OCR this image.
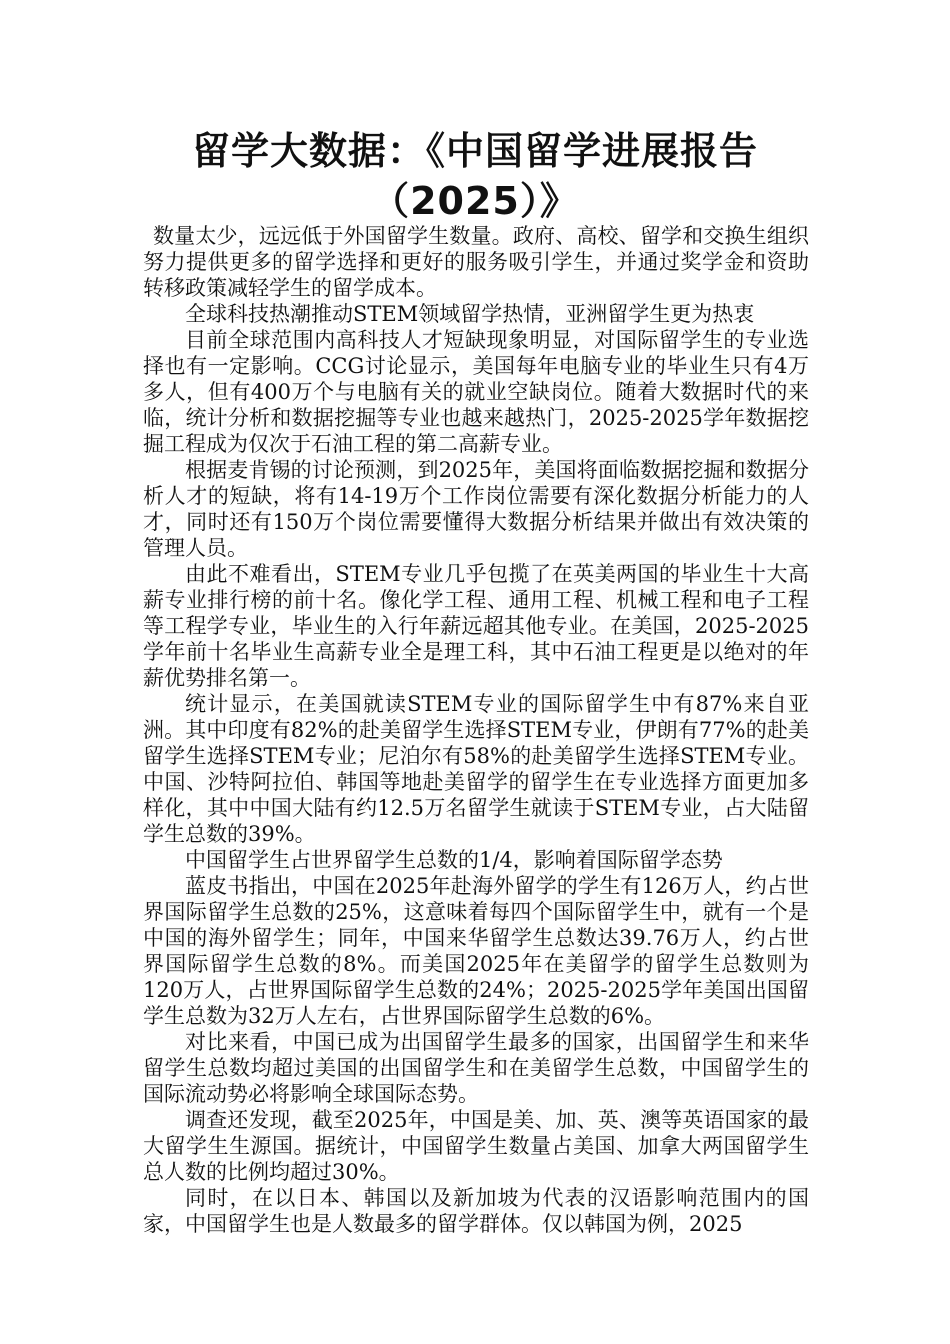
留学大数据：《中国留学进展报告
（2025）》

数量太少，远远低于外国留学生数量。政府、高校、留学和交换生组织努力提供更多的留学选择和更好的服务吸引学生，并通过奖学金和资助转移政策减轻学生的留学成本。

全球科技热潮推动STEM领域留学热情，亚洲留学生更为热衷

目前全球范围内高科技人才短缺现象明显，对国际留学生的专业选择也有一定影响。CCG讨论显示，美国每年电脑专业的毕业生只有4万多人，但有400万个与电脑有关的就业空缺岗位。随着大数据时代的来临，统计分析和数据挖掘等专业也越来越热门，2025-2025学年数据挖掘工程成为仅次于石油工程的第二高薪专业。

根据麦肯锡的讨论预测，到2025年，美国将面临数据挖掘和数据分析人才的短缺，将有14-19万个工作岗位需要有深化数据分析能力的人才，同时还有150万个岗位需要懂得大数据分析结果并做出有效决策的管理人员。

由此不难看出，STEM专业几乎包揽了在英美两国的毕业生十大高薪专业排行榜的前十名。像化学工程、通用工程、机械工程和电子工程等工程学专业，毕业生的入行年薪远超其他专业。在美国，2025-2025学年前十名毕业生高薪专业全是理工科，其中石油工程更是以绝对的年薪优势排名第一。

统计显示，在美国就读STEM专业的国际留学生中有87%来自亚洲。其中印度有82%的赴美留学生选择STEM专业，伊朗有77%的赴美留学生选择STEM专业；尼泊尔有58%的赴美留学生选择STEM专业。中国、沙特阿拉伯、韩国等地赴美留学的留学生在专业选择方面更加多样化，其中中国大陆有约12.5万名留学生就读于STEM专业，占大陆留学生总数的39%。

中国留学生占世界留学生总数的1/4，影响着国际留学态势

蓝皮书指出，中国在2025年赴海外留学的学生有126万人，约占世界国际留学生总数的25%，这意味着每四个国际留学生中，就有一个是中国的海外留学生；同年，中国来华留学生总数达39.76万人，约占世界国际留学生总数的8%。而美国2025年在美留学的留学生总数则为120万人，占世界国际留学生总数的24%；2025-2025学年美国出国留学生总数为32万人左右，占世界国际留学生总数的6%。

对比来看，中国已成为出国留学生最多的国家，出国留学生和来华留学生总数均超过美国的出国留学生和在美留学生总数，中国留学生的国际流动势必将影响全球国际态势。

调查还发现，截至2025年，中国是美、加、英、澳等英语国家的最大留学生生源国。据统计，中国留学生数量占美国、加拿大两国留学生总人数的比例均超过30%。

同时，在以日本、韩国以及新加坡为代表的汉语影响范围内的国家，中国留学生也是人数最多的留学群体。仅以韩国为例，2025
